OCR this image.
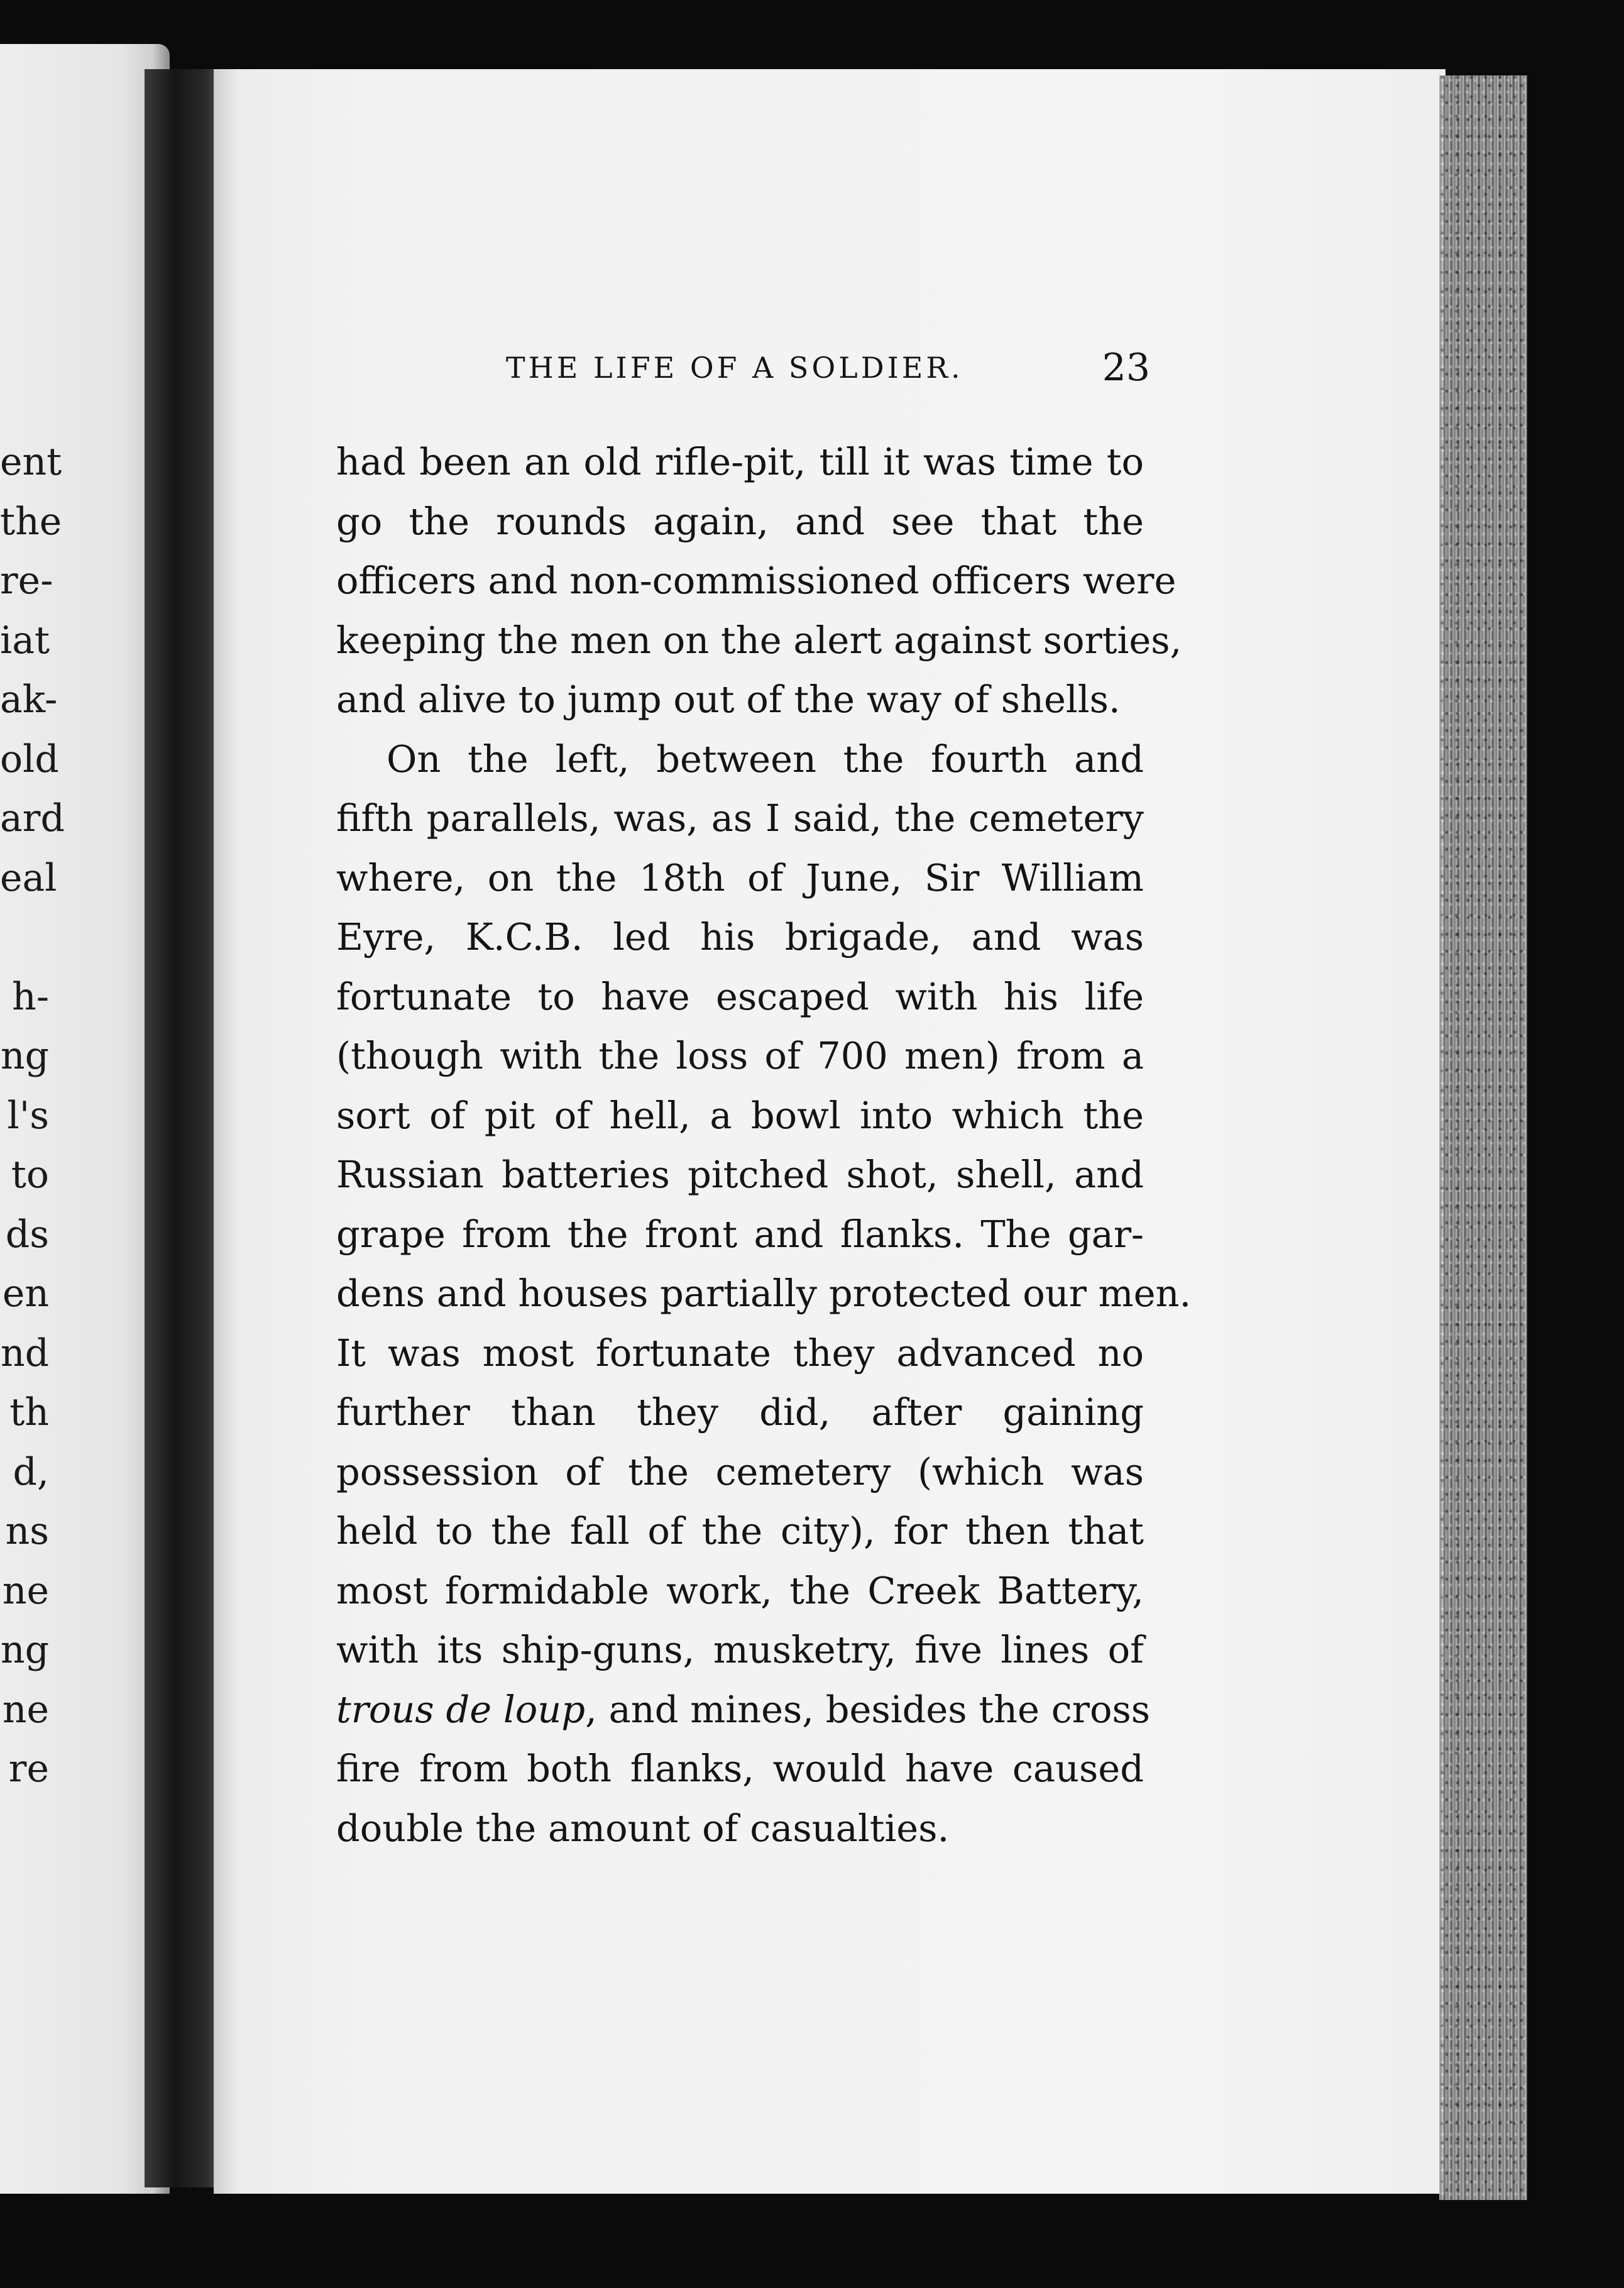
ent
the
re-
iat
ak-
old
ard
eal
h-
ng
l's
to
ds
en
nd
th
d,
ns
ne
ng
ne
re
THE LIFE OF A SOLDIER.	23
had been an old rifle-pit, till it was time to
go the rounds again, and see that the
officers and non-commissioned officers were
keeping the men on the alert against sorties,
and alive to jump out of the way of shells.
On the left, between the fourth and
fifth parallels, was, as I said, the cemetery
where, on the 18th of June, Sir William
Eyre, K.C.B. led his brigade, and was
fortunate to have escaped with his life
(though with the loss of 700 men) from a
sort of pit of hell, a bowl into which the
Russian batteries pitched shot, shell, and
grape from the front and flanks. The gar-
dens and houses partially protected our men.
It was most fortunate they advanced no
further than they did, after gaining
possession of the cemetery (which was
held to the fall of the city), for then that
most formidable work, the Creek Battery,
with its ship-guns, musketry, five lines of
trous de loup, and mines, besides the cross
fire from both flanks, would have caused
double the amount of casualties.
